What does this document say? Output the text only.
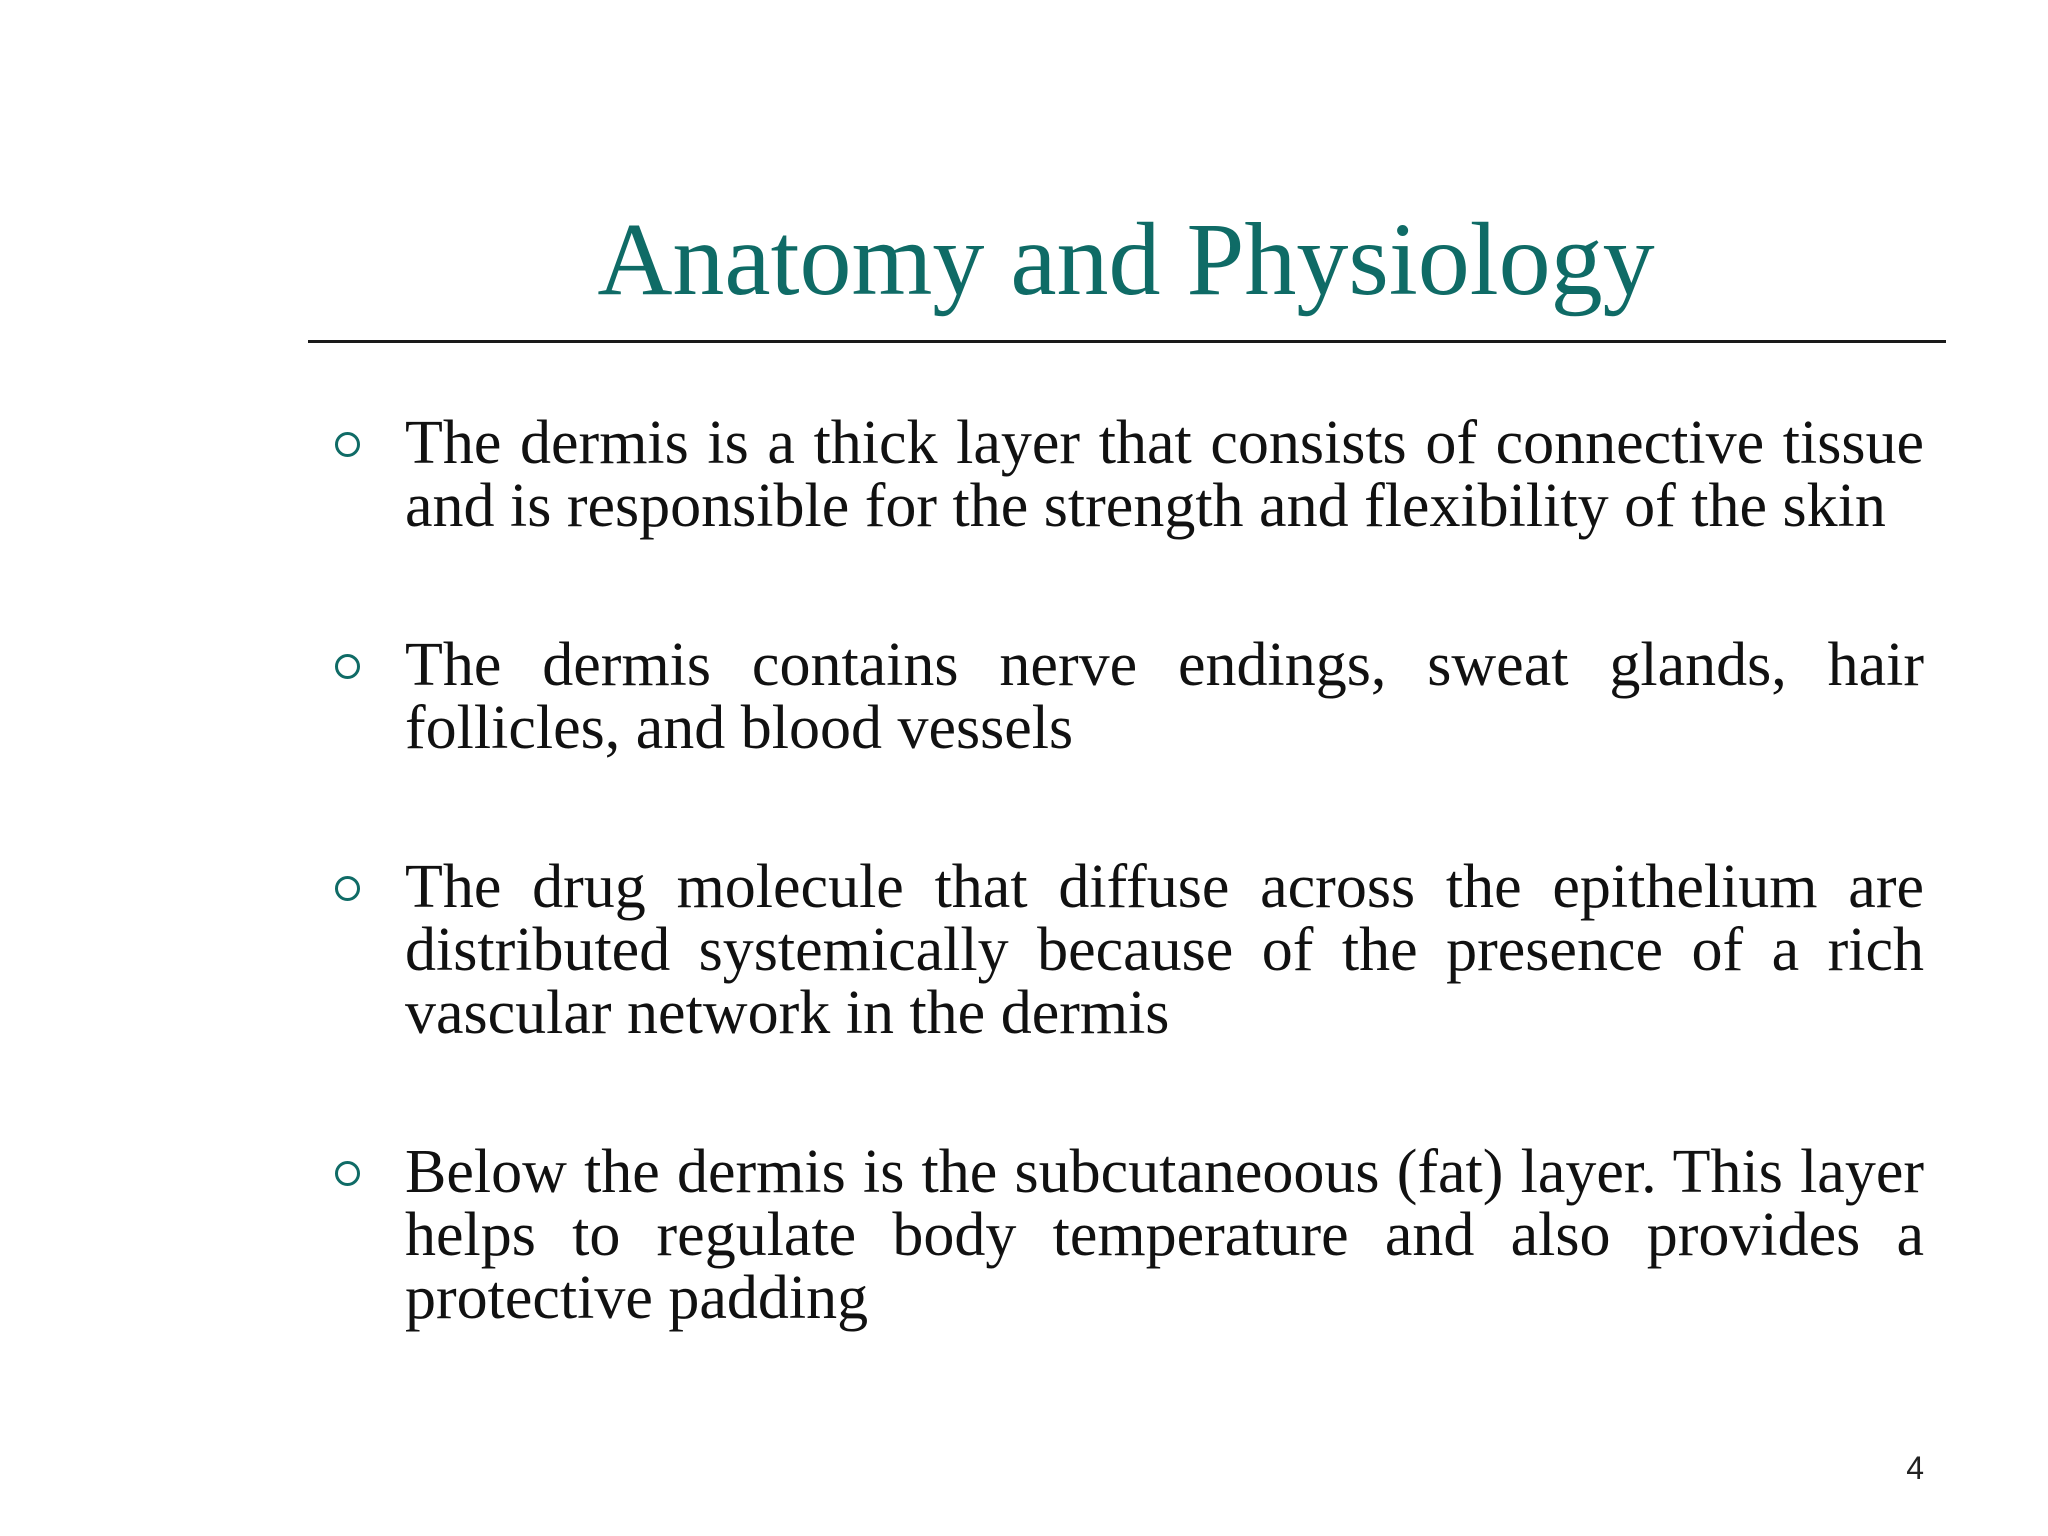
Anatomy and Physiology
The dermis is a thick layer that consists of connective tissue and is responsible for the strength and flexibility of the skin
The dermis contains nerve endings, sweat glands, hair follicles, and blood vessels
The drug molecule that diffuse across the epithelium are distributed systemically because of the presence of a rich vascular network in the dermis
Below the dermis is the subcutaneoous (fat) layer. This layer helps to regulate body temperature and also provides a protective padding
4
